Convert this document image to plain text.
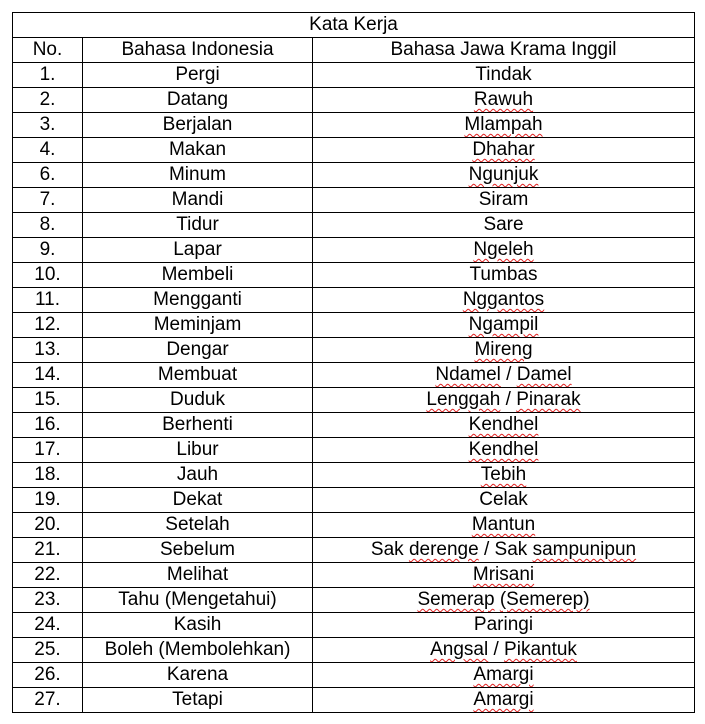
Kata Kerja		
No.	Bahasa Indonesia	Bahasa Jawa Krama Inggil
1.	Pergi	Tindak
2.	Datang	Rawuh
3.	Berjalan	Mlampah
4.	Makan	Dhahar
6.	Minum	Ngunjuk
7.	Mandi	Siram
8.	Tidur	Sare
9.	Lapar	Ngeleh
10.	Membeli	Tumbas
11.	Mengganti	Nggantos
12.	Meminjam	Ngampil
13.	Dengar	Mireng
14.	Membuat	Ndamel / Damel
15.	Duduk	Lenggah / Pinarak
16.	Berhenti	Kendhel
17.	Libur	Kendhel
18.	Jauh	Tebih
19.	Dekat	Celak
20.	Setelah	Mantun
21.	Sebelum	Sak derenge / Sak sampunipun
22.	Melihat	Mrisani
23.	Tahu (Mengetahui)	Semerap (Semerep)
24.	Kasih	Paringi
25.	Boleh (Membolehkan)	Angsal / Pikantuk
26.	Karena	Amargi
27.	Tetapi	Amargi
